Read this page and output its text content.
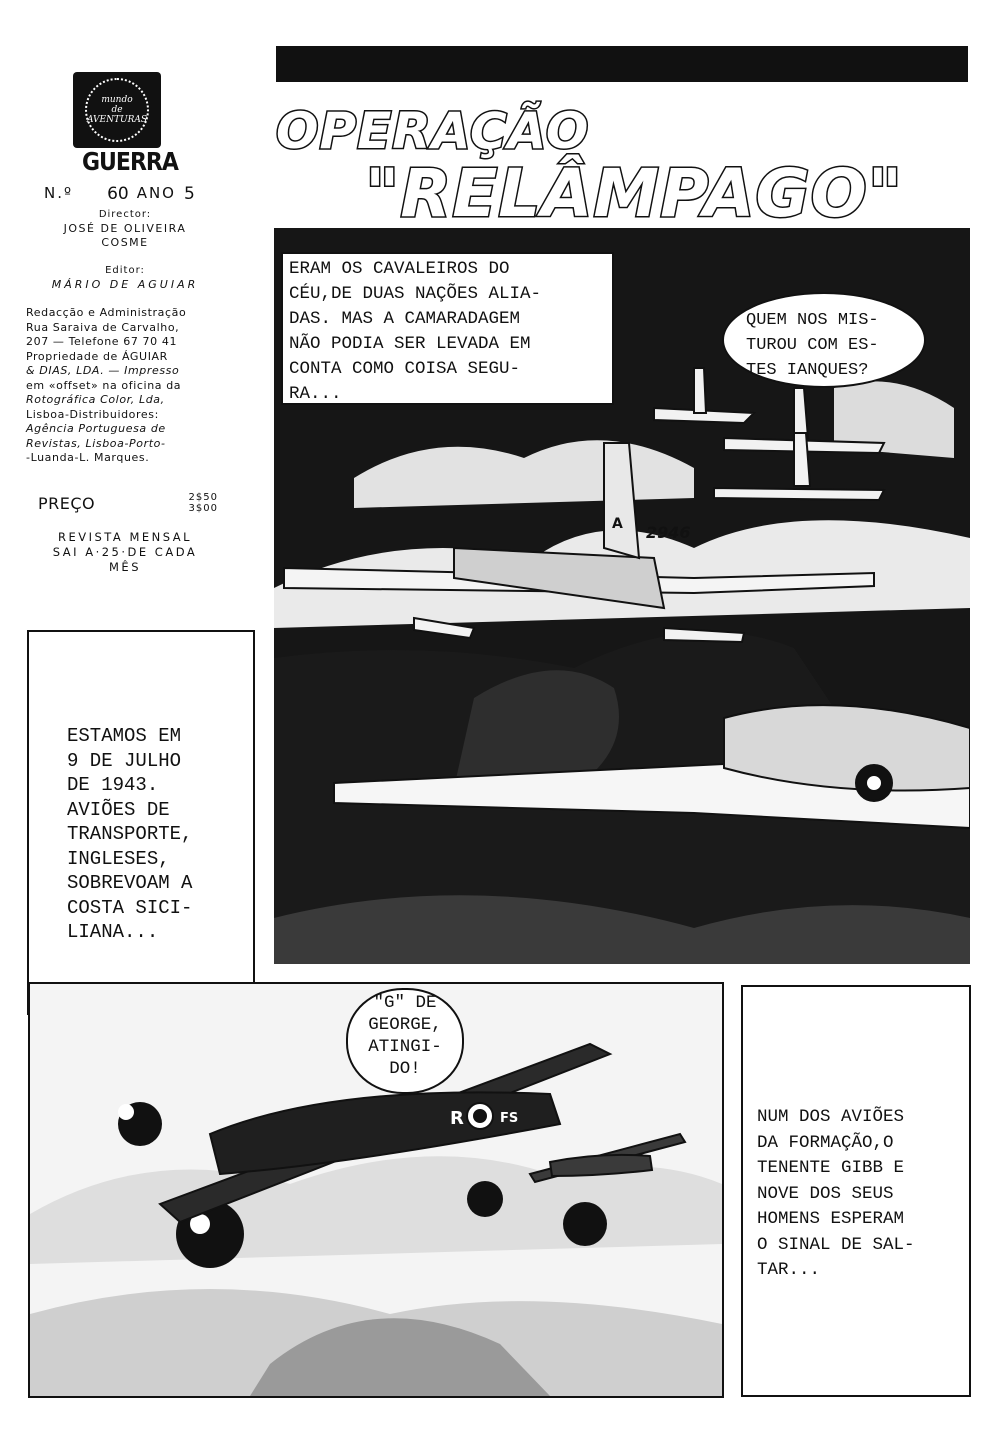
mundo
de
AVENTURAS
GUERRA
N.º 60 ANO 5
Director:
JOSÉ DE OLIVEIRA
COSME
Editor:
MÁRIO DE AGUIAR
Redacção e Administração
Rua Saraiva de Carvalho,
207 — Telefone 67 70 41
Propriedade de ÁGUIAR
& DIAS, LDA. — Impresso
em «offset» na oficina da
Rotográfica Color, Lda,
Lisboa-Distribuidores:
Agência Portuguesa de
Revistas, Lisboa-Porto-
-Luanda-L. Marques.
PREÇO	2$50
3$00
REVISTA MENSAL
SAI A·25·DE CADA
MÊS
OPERAÇÃO
"RELÂMPAGO"
2946
A
ERAM OS CAVALEIROS DO
CÉU,DE DUAS NAÇÕES ALIA-
DAS. MAS A CAMARADAGEM
NÃO PODIA SER LEVADA EM
CONTA COMO COISA SEGU-
RA...
QUEM NOS MIS-
TUROU COM ES-
TES IANQUES?
ESTAMOS EM
9 DE JULHO
DE 1943.
AVIÕES DE
TRANSPORTE,
INGLESES,
SOBREVOAM A
COSTA SICI-
LIANA...
R	FS
"G" DE
GEORGE,
ATINGI-
DO!
NUM DOS AVIÕES
DA FORMAÇÃO,O
TENENTE GIBB E
NOVE DOS SEUS
HOMENS ESPERAM
O SINAL DE SAL-
TAR...
